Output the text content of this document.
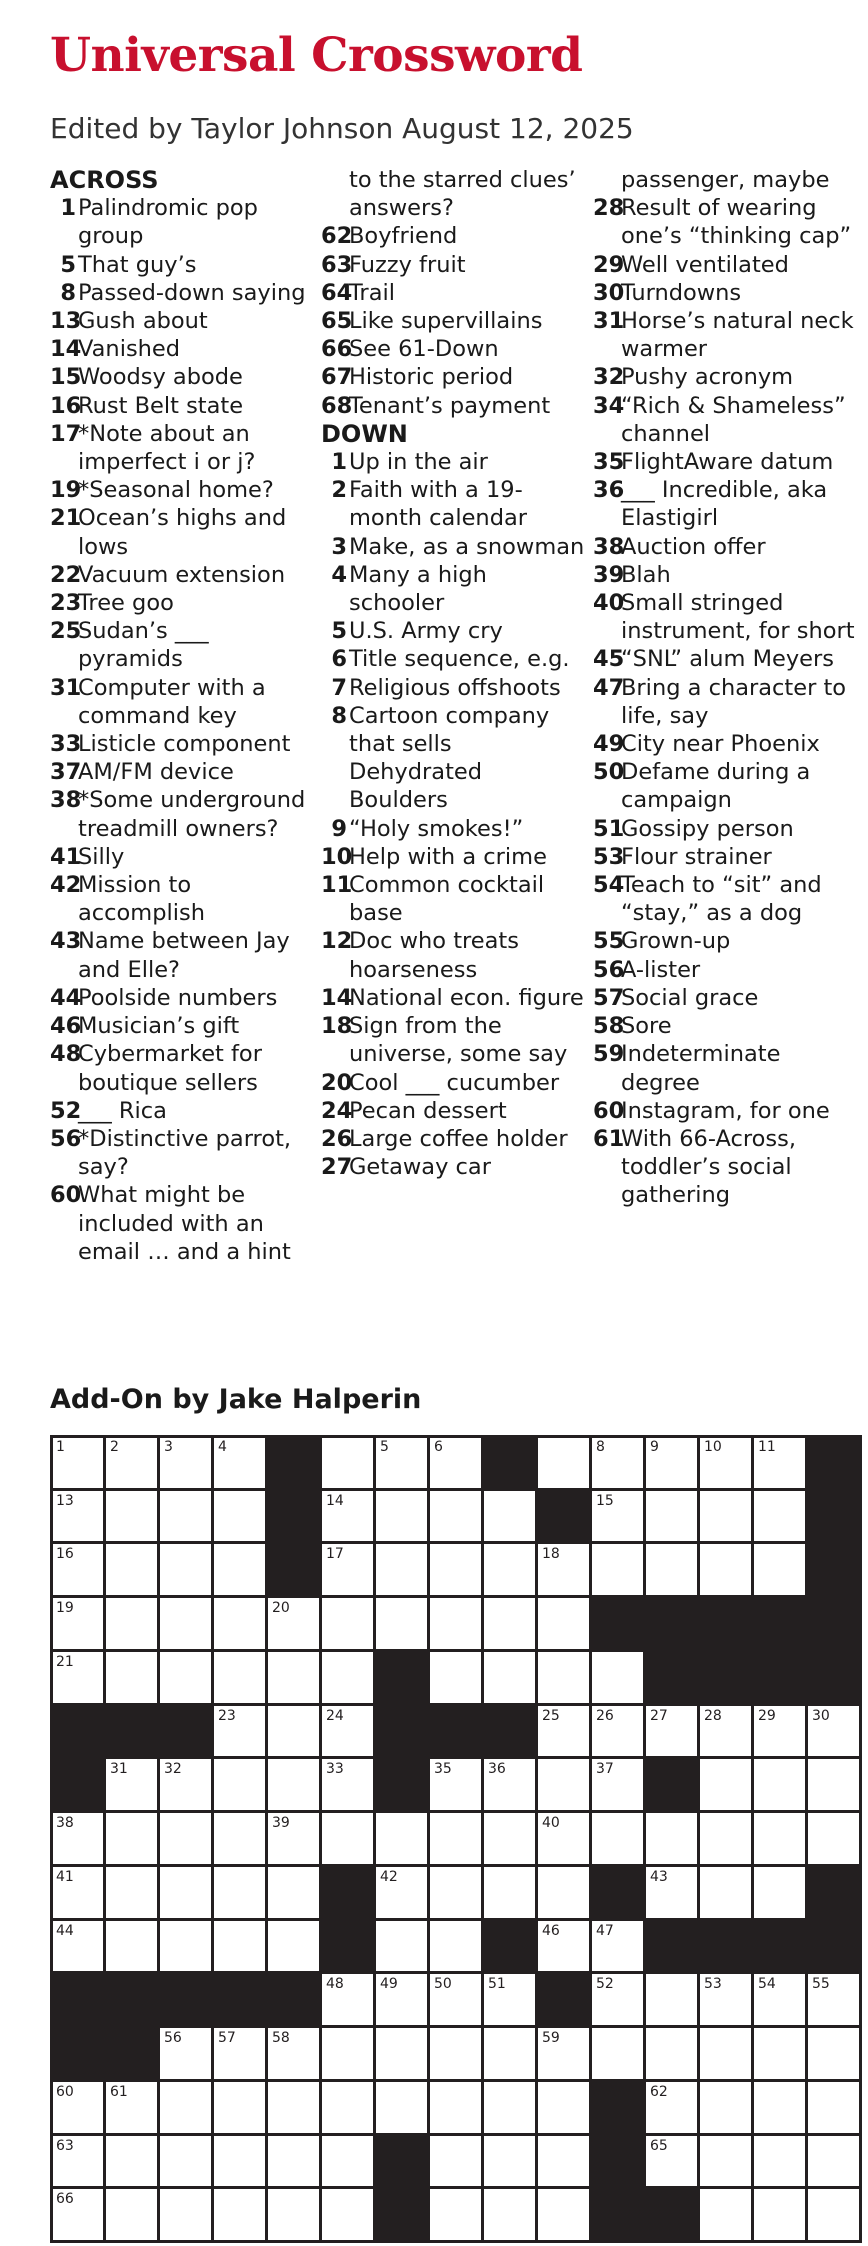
Universal Crossword
Edited by Taylor Johnson August 12, 2025
ACROSS
1 Palindromic pop group
5 That guy’s
8 Passed-down saying
13
Gush about
14
Vanished
15
Woodsy abode
16
Rust Belt state
17
*Note about an imperfect i or j?
19
*Seasonal home?
21
Ocean’s highs and lows
22
Vacuum extension
23
Tree goo
25
Sudan’s ___ pyramids
31
Computer with a command key
33
Listicle component
37
AM/FM device
38
*Some underground treadmill owners?
41
Silly
42
Mission to accomplish
43
Name between Jay and Elle?
44
Poolside numbers
46
Musician’s gift
48
Cybermarket for boutique sellers
52
___ Rica
56
*Distinctive parrot, say?
60
What might be included with an email … and a hint
to the starred clues’ answers?
62
Boyfriend
63
Fuzzy fruit
64
Trail
65
Like supervillains
66
See 61-Down
67
Historic period
68
Tenant’s payment
DOWN
1 Up in the air
2 Faith with a 19-month calendar
3 Make, as a snowman
4 Many a high schooler
5 U.S. Army cry
6 Title sequence, e.g.
7 Religious offshoots
8 Cartoon company that sells Dehydrated Boulders
9 “Holy smokes!”
10
Help with a crime
11
Common cocktail base
12
Doc who treats hoarseness
14
National econ. figure
18
Sign from the universe, some say
20
Cool ___ cucumber
24
Pecan dessert
26
Large coffee holder
27
Getaway car
passenger, maybe
28
Result of wearing one’s “thinking cap”
29
Well ventilated
30
Turndowns
31
Horse’s natural neck warmer
32
Pushy acronym
34
“Rich & Shameless” channel
35
FlightAware datum
36
___ Incredible, aka Elastigirl
38
Auction offer
39
Blah
40
Small stringed instrument, for short
45
“SNL” alum Meyers
47
Bring a character to life, say
49
City near Phoenix
50
Defame during a campaign
51
Gossipy person
53
Flour strainer
54
Teach to “sit” and “stay,” as a dog
55
Grown-up
56
A-lister
57
Social grace
58
Sore
59
Indeterminate degree
60
Instagram, for one
61
With 66-Across, toddler’s social gathering
Add-On by Jake Halperin
1	2	3	4	5	6	8	9	10	11
13	14	15
16	17	18
19	20
21
23	24	25	26	27	28	29	30
31	32	33	35	36	37
38	39	40
41	42	43
44	46	47
48	49	50	51	52	53	54	55
56	57	58	59
60	61	62
63	65
66
